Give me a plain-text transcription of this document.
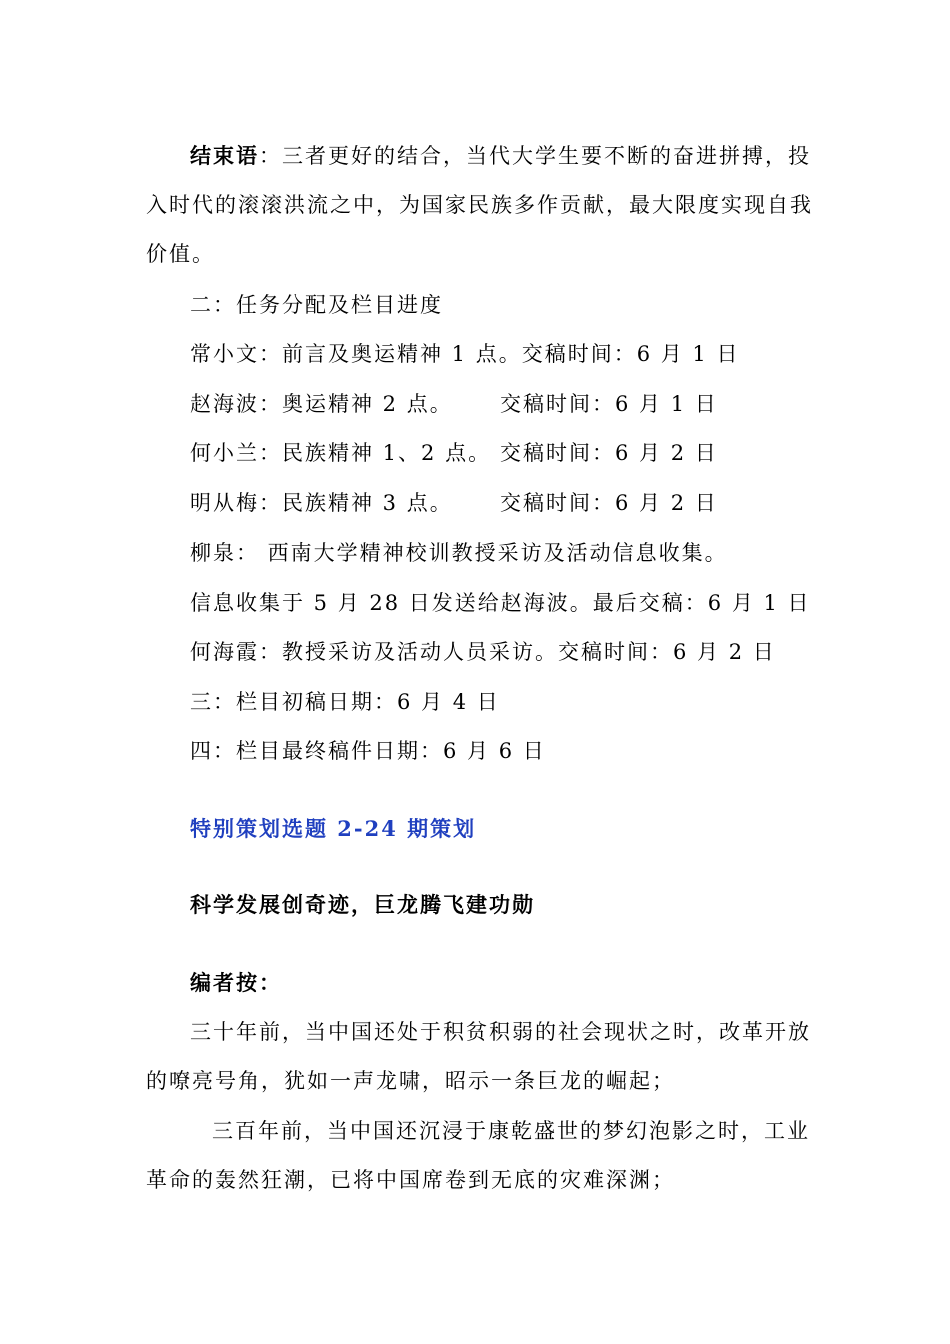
结束语：三者更好的结合，当代大学生要不断的奋进拼搏，投
入时代的滚滚洪流之中，为国家民族多作贡献，最大限度实现自我
价值。
二：任务分配及栏目进度
常小文：前言及奥运精神 1 点。交稿时间：6 月 1 日
赵海波：奥运精神 2 点。 交稿时间：6 月 1 日
何小兰：民族精神 1、2 点。 交稿时间：6 月 2 日
明从梅：民族精神 3 点。 交稿时间：6 月 2 日
柳泉： 西南大学精神校训教授采访及活动信息收集。
信息收集于 5 月 28 日发送给赵海波。最后交稿：6 月 1 日
何海霞：教授采访及活动人员采访。交稿时间：6 月 2 日
三：栏目初稿日期：6 月 4 日
四：栏目最终稿件日期：6 月 6 日
特别策划选题 2-24 期策划
科学发展创奇迹，巨龙腾飞建功勋
编者按：
三十年前，当中国还处于积贫积弱的社会现状之时，改革开放
的嘹亮号角，犹如一声龙啸，昭示一条巨龙的崛起；
三百年前，当中国还沉浸于康乾盛世的梦幻泡影之时，工业
革命的轰然狂潮，已将中国席卷到无底的灾难深渊；
